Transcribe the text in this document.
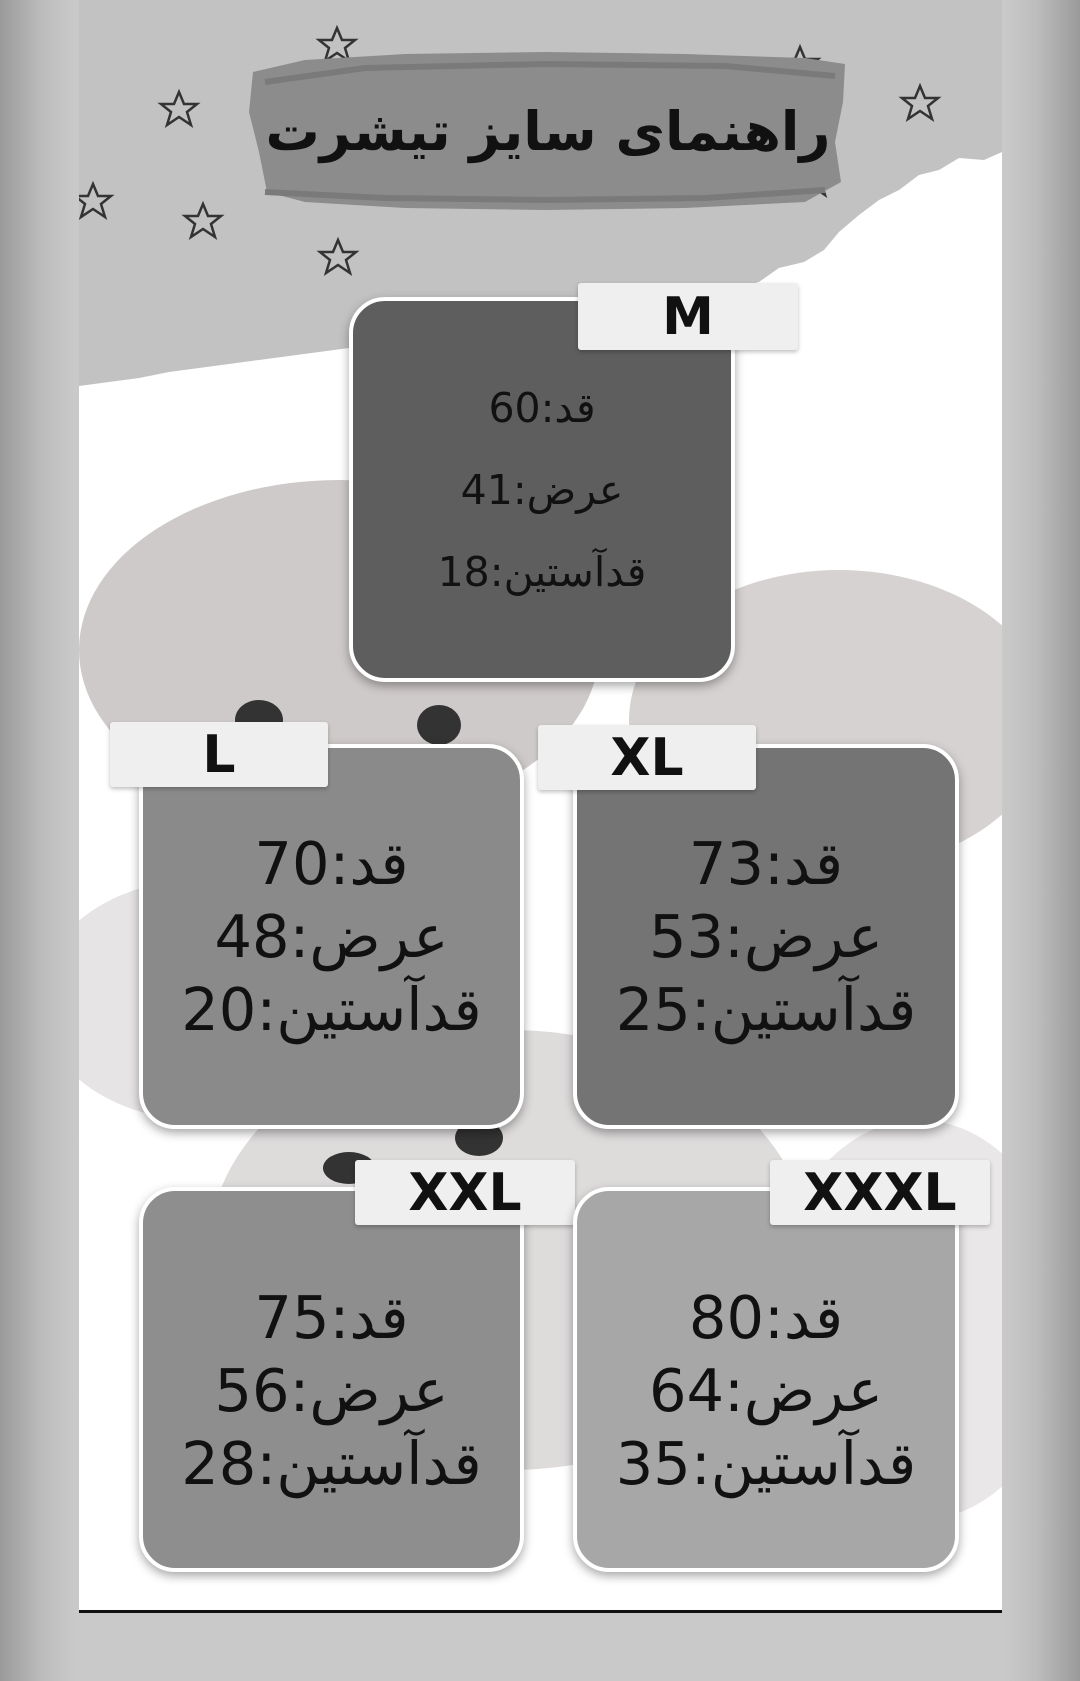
راهنمای سایز تیشرت
قد:60
عرض:41
قدآستین:18
M
قد:70
عرض:48
قدآستین:20
L
قد:73
عرض:53
قدآستین:25
XL
قد:75
عرض:56
قدآستین:28
XXL
قد:80
عرض:64
قدآستین:35
XXXL
